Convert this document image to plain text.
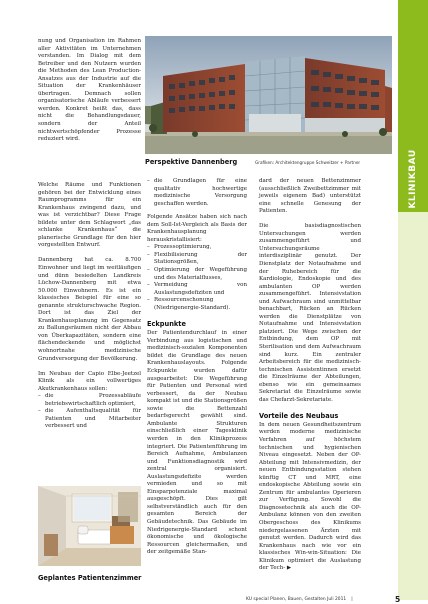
KLINIKBAU

nung und Organisation im Rahmen aller Aktivitäten im Unternehmen verstanden. Im Dialog mit dem Betreiber und den Nutzern wurden die Methoden des Lean Production-Ansatzes aus der Industrie auf die Situation der Krankenhäuser übertragen. Demnach sollen organisatorische Abläufe verbessert werden. Konkret heißt das, dass nicht die Behandlungsdauer, sondern der Anteil nichtwertschöpfender Prozesse reduziert wird.

Perspektive Dannenberg	Grafiken: Architektengruppe Schweitzer + Partner

Welche Räume und Funktionen gehören bei der Entwicklung eines Raumprogramms für ein Krankenhaus zwingend dazu, und was ist verzichtbar? Diese Frage bildete unter dem Schlagwort „das schlanke Krankenhaus“ die planerische Grundlage für den hier vorgestellten Entwurf.

Dannenberg hat ca. 8.700 Einwohner und liegt im weitläufigen und dünn besiedelten Landkreis Lüchow-Dannenberg mit etwa 50.000 Einwohnern. Es ist ein klassisches Beispiel für eine so genannte strukturschwache Region. Dort ist das Ziel der Krankenhausplanung im Gegensatz zu Ballungsräumen nicht der Abbau von Überkapazitäten, sondern eine flächendeckende und möglichst wohnortnahe medizinische Grundversorgung der Bevölkerung.

Im Neubau der Capio Elbe-Jeetzel Klinik als ein vollwertiges Akutkrankenhaus sollen:

– die Prozessabläufe betriebswirtschaftlich optimiert,
– die Aufenthaltsqualität für Patienten und Mitarbeiter verbessert und
Geplantes Patientenzimmer
– die Grundlagen für eine qualitativ hochwertige medizinische Versorgung geschaffen werden.

Folgende Ansätze haben sich nach dem Soll-Ist-Vergleich als Basis der Krankenhausplanung herauskristallisiert:

– Prozessoptimierung,
– Flexibilisierung der Stationsgrößen,
– Optimierung der Wegeführung und des Materialflusses,
– Vermeidung von Auslastungsdefiziten und
– Ressourcenschonung (Niedrigenergie-Standard).
Eckpunkte

Der Patientendurchlauf in einer Verbindung aus logistischen und medizinisch-sozialen Komponenten bildet die Grundlage des neuen Krankenhauslayouts. Folgende Eckpunkte wurden dafür ausgearbeitet: Die Wegeführung für Patienten und Personal wird verbessert, da der Neubau kompakt ist und die Stationsgrößen sowie die Bettenzahl bedarfsgerecht gewählt sind. Ambulante Strukturen einschließlich einer Tagesklinik werden in den Klinikprozess integriert. Die Patientenführung im Bereich Aufnahme, Ambulanzen und Funktionsdiagnostik wird zentral organisiert. Auslastungsdefizite werden vermieden und so mit Einsparpotenziale maximal ausgeschöpft. Dies gilt selbstverständlich auch für den gesamten Bereich der Gebäudetechnik. Das Gebäude im Niedrigenergie-Standard schont ökonomische und ökologische Ressourcen gleichermaßen, und der zeitgemäße Stan-

dard der neuen Bettenzimmer (ausschließlich Zweibettzimmer mit jeweils eigenem Bad) unterstützt eine schnelle Genesung der Patienten.

Die basisdiagnostischen Untersuchungen werden zusammengeführt und Untersuchungsräume interdisziplinär genutzt. Der Dienstplatz der Notaufnahme und der Ruhebereich für die Kardiologie, Endoskopie und des ambulanten OP werden zusammengeführt. Intensivstation und Aufwachraum sind unmittelbar benachbart, Rücken an Rücken werden die Dienstplätze von Notaufnahme und Intensivstation platziert. Die Wege zwischen der Entbindung, dem OP mit Sterilisation und dem Aufwachraum sind kurz. Ein zentraler Arbeitsbereich für die medizinisch-technischen Assistentinnen ersetzt die Einzelräume der Abteilungen, ebenso wie ein gemeinsames Sekretariat die Einzelräume sowie das Chefarzt-Sekretariate.

Vorteile des Neubaus

In dem neuen Gesundheitszentrum werden moderne medizinische Verfahren auf höchstem technischen und hygienischen Niveau eingesetzt. Neben der OP-Abteilung mit Intensivmedizin, der neuen Entbindungsstation stehen künftig CT und MRT, eine endoskopische Abteilung sowie ein Zentrum für ambulantes Operieren zur Verfügung. Sowohl die Diagnosetechnik als auch die OP-Ambulanz können von den zweiten Obergeschoss des Klinikums niedergelassenen Ärzten mit genutzt werden. Dadurch wird das Krankenhaus nach wie vor ein klassisches Win-win-Situation: Die Klinikum optimiert die Auslastung der Tech- ▶

KU special Planen, Bauen, Gestalten Juli 2011 |	5
